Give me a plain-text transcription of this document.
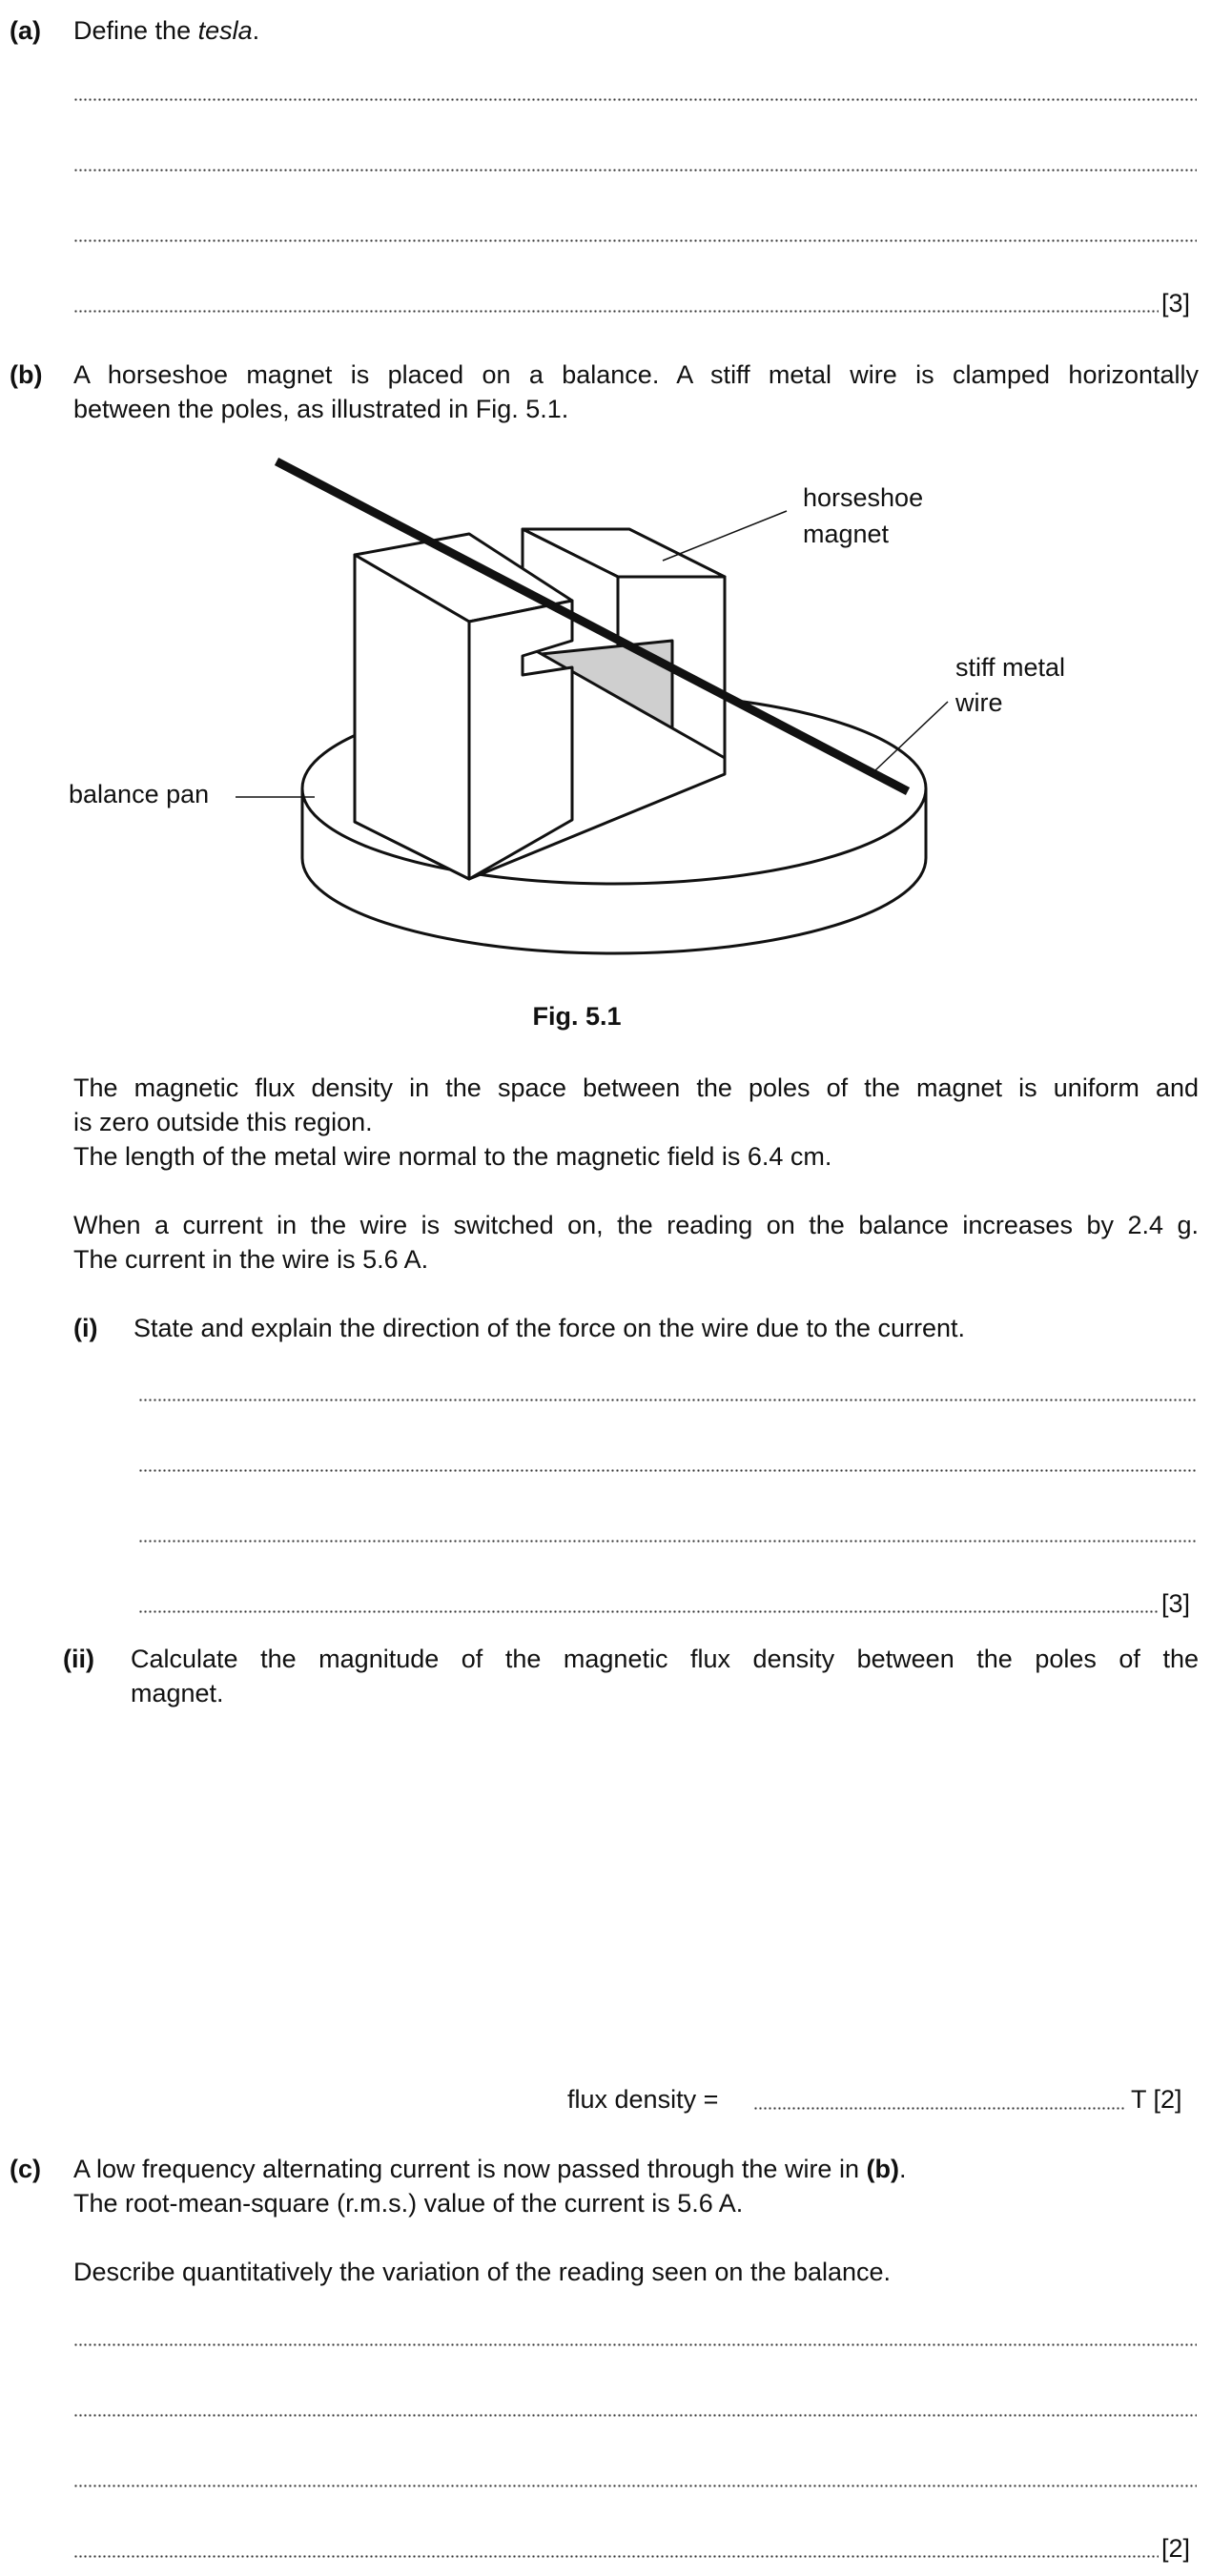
(a) Define the tesla.
[3]
(b) A horseshoe magnet is placed on a balance. A stiff metal wire is clamped horizontally
between the poles, as illustrated in Fig. 5.1.
horseshoe
magnet
stiff metal
wire
balance pan
Fig. 5.1
The magnetic flux density in the space between the poles of the magnet is uniform and
is zero outside this region.
The length of the metal wire normal to the magnetic field is 6.4 cm.
When a current in the wire is switched on, the reading on the balance increases by 2.4 g.
The current in the wire is 5.6 A.
(i) State and explain the direction of the force on the wire due to the current.
[3]
(ii) Calculate the magnitude of the magnetic flux density between the poles of the
magnet.
flux density =	T [2]
(c) A low frequency alternating current is now passed through the wire in (b).
The root-mean-square (r.m.s.) value of the current is 5.6 A.
Describe quantitatively the variation of the reading seen on the balance.
[2]
